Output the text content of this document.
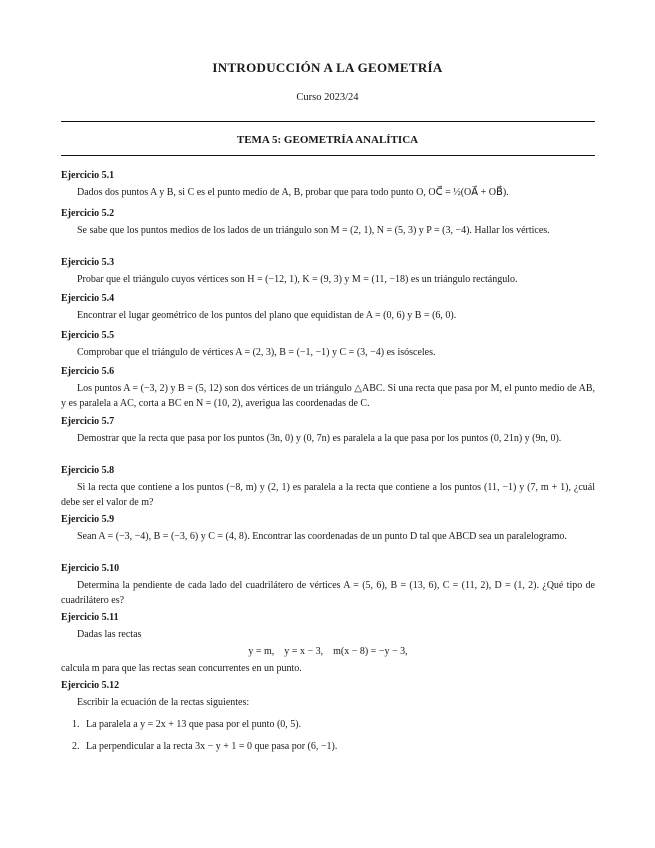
INTRODUCCIÓN A LA GEOMETRÍA
Curso 2023/24
TEMA 5: GEOMETRÍA ANALÍTICA
Ejercicio 5.1
Dados dos puntos A y B, si C es el punto medio de A, B, probar que para todo punto O, OC⃗ = ½(OA⃗ + OB⃗).
Ejercicio 5.2
Se sabe que los puntos medios de los lados de un triángulo son M = (2, 1), N = (5, 3) y P = (3, −4). Hallar los vértices.
Ejercicio 5.3
Probar que el triángulo cuyos vértices son H = (−12, 1), K = (9, 3) y M = (11, −18) es un triángulo rectángulo.
Ejercicio 5.4
Encontrar el lugar geométrico de los puntos del plano que equidistan de A = (0, 6) y B = (6, 0).
Ejercicio 5.5
Comprobar que el triángulo de vértices A = (2, 3), B = (−1, −1) y C = (3, −4) es isósceles.
Ejercicio 5.6
Los puntos A = (−3, 2) y B = (5, 12) son dos vértices de un triángulo △ABC. Si una recta que pasa por M, el punto medio de AB, y es paralela a AC, corta a BC en N = (10, 2), averigua las coordenadas de C.
Ejercicio 5.7
Demostrar que la recta que pasa por los puntos (3n, 0) y (0, 7n) es paralela a la que pasa por los puntos (0, 21n) y (9n, 0).
Ejercicio 5.8
Si la recta que contiene a los puntos (−8, m) y (2, 1) es paralela a la recta que contiene a los puntos (11, −1) y (7, m + 1), ¿cuál debe ser el valor de m?
Ejercicio 5.9
Sean A = (−3, −4), B = (−3, 6) y C = (4, 8). Encontrar las coordenadas de un punto D tal que ABCD sea un paralelogramo.
Ejercicio 5.10
Determina la pendiente de cada lado del cuadrilátero de vértices A = (5, 6), B = (13, 6), C = (11, 2), D = (1, 2). ¿Qué tipo de cuadrilátero es?
Ejercicio 5.11
Dadas las rectas
y = m,    y = x − 3,    m(x − 8) = −y − 3,
calcula m para que las rectas sean concurrentes en un punto.
Ejercicio 5.12
Escribir la ecuación de la rectas siguientes:
1. La paralela a y = 2x + 13 que pasa por el punto (0, 5).
2. La perpendicular a la recta 3x − y + 1 = 0 que pasa por (6, −1).
